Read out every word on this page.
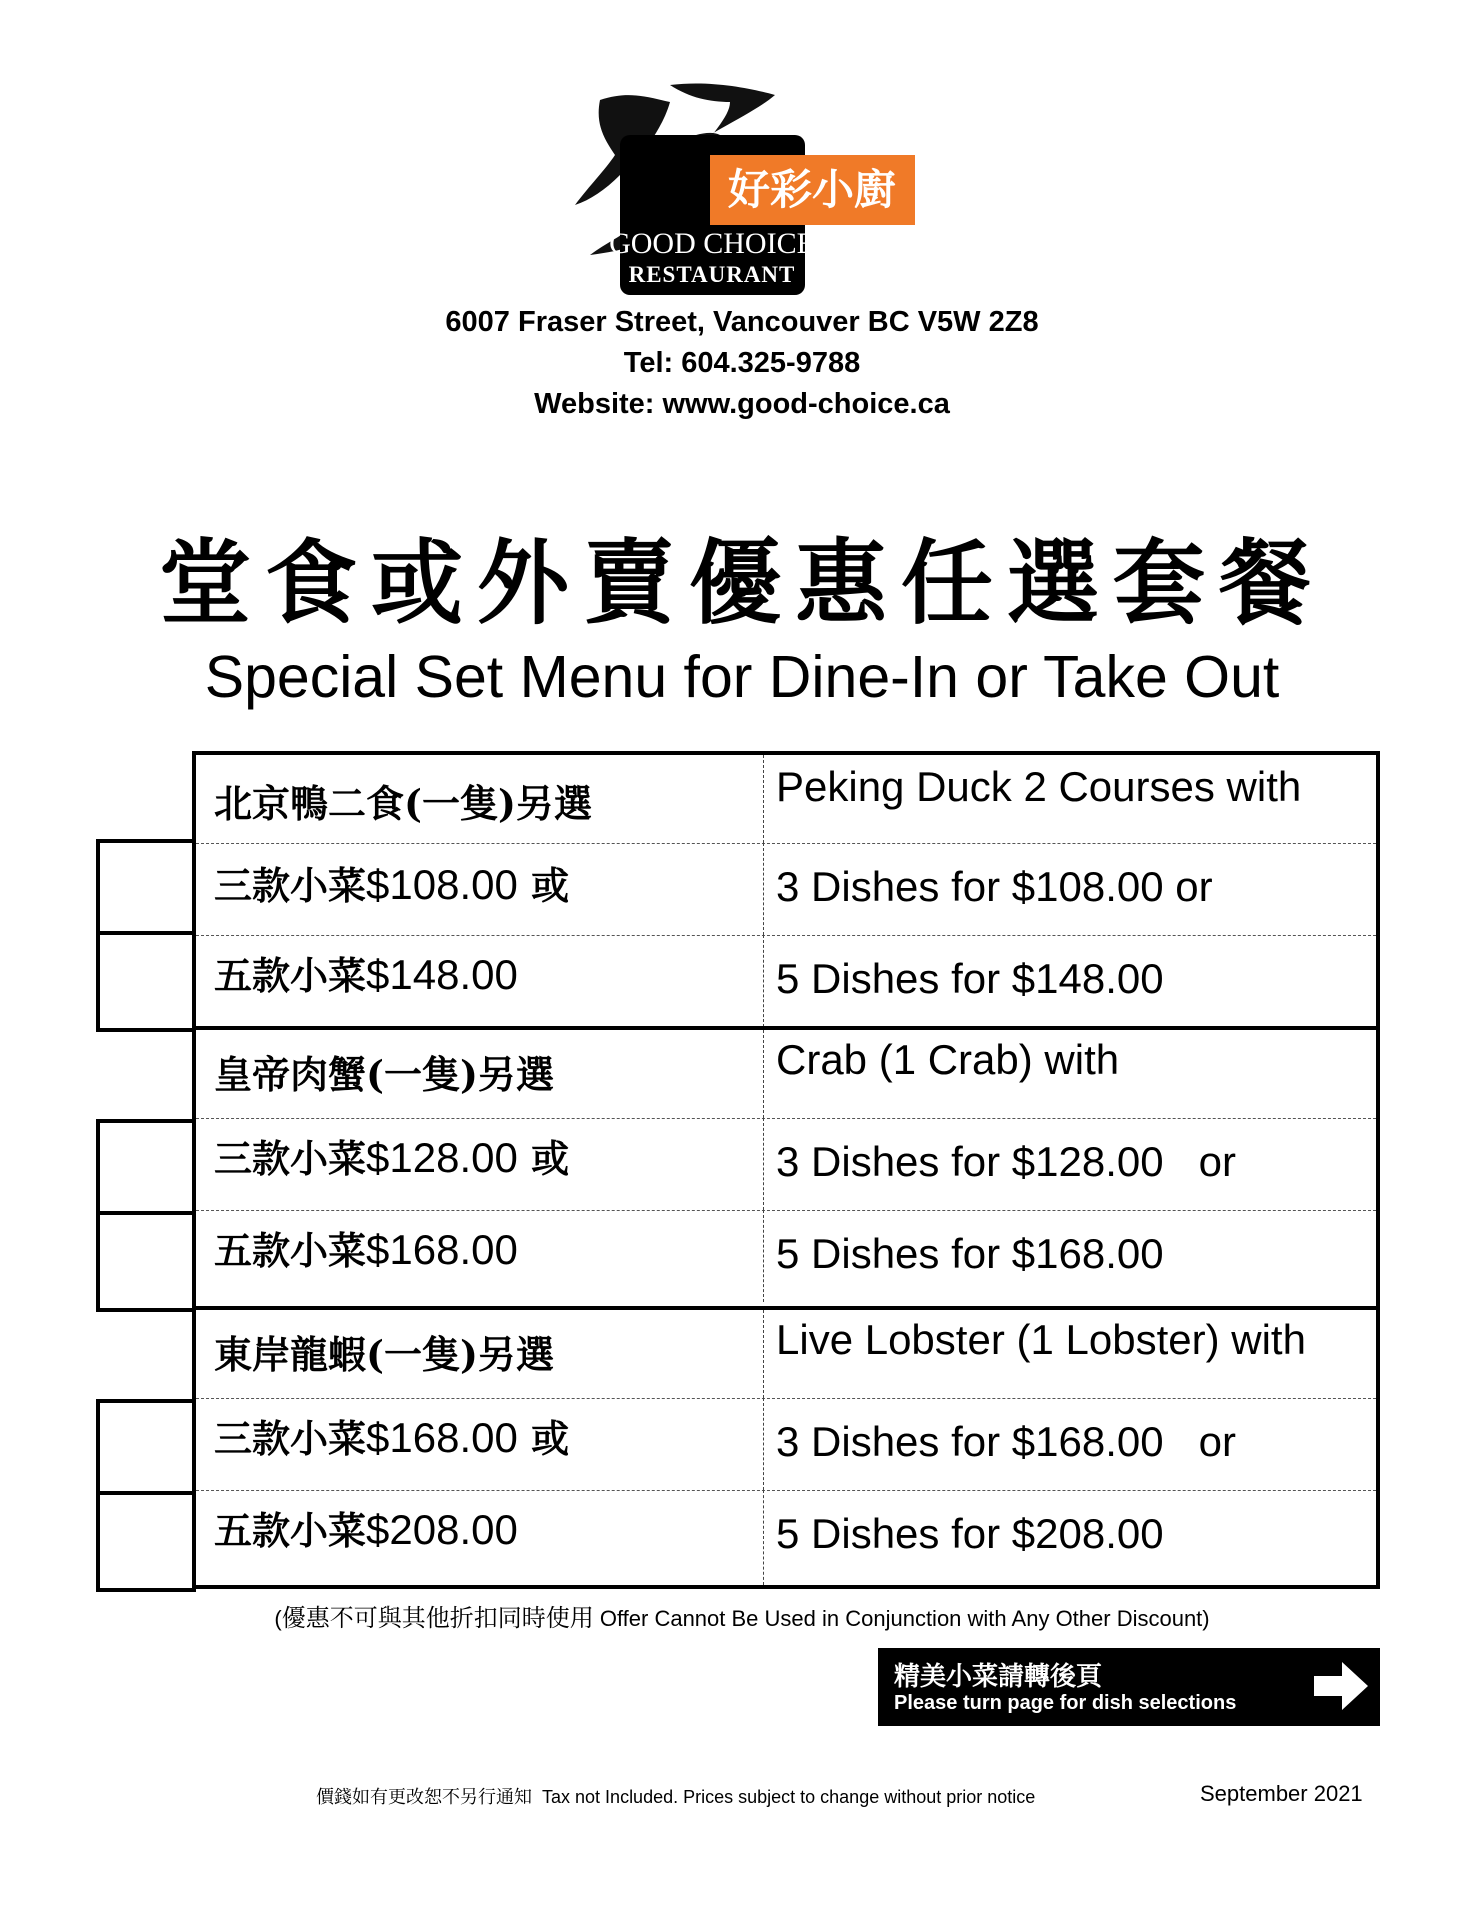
好彩小廚
GOOD CHOICE
RESTAURANT
6007 Fraser Street, Vancouver BC V5W 2Z8
Tel: 604.325-9788
Website: www.good-choice.ca
堂食或外賣優惠任選套餐
Special Set Menu for Dine-In or Take Out
北京鴨二食(一隻)另選	Peking Duck 2 Courses with
三款小菜$108.00 或	3 Dishes for $108.00 or
五款小菜$148.00	5 Dishes for $148.00
皇帝肉蟹(一隻)另選	Crab (1 Crab) with
三款小菜$128.00 或	3 Dishes for $128.00   or
五款小菜$168.00	5 Dishes for $168.00
東岸龍蝦(一隻)另選	Live Lobster (1 Lobster) with
三款小菜$168.00 或	3 Dishes for $168.00   or
五款小菜$208.00	5 Dishes for $208.00
(優惠不可與其他折扣同時使用 Offer Cannot Be Used in Conjunction with Any Other Discount)
精美小菜請轉後頁
Please turn page for dish selections
價錢如有更改恕不另行通知 Tax not Included. Prices subject to change without prior notice	September 2021
